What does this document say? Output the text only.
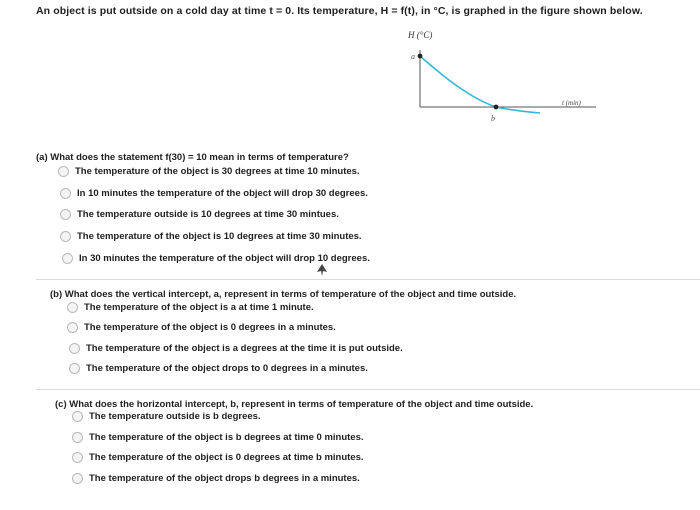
An object is put outside on a cold day at time t = 0. Its temperature, H = f(t), in °C, is graphed in the figure shown below.
H (°C)
a
b
t (min)
(a) What does the statement f(30) = 10 mean in terms of temperature?
The temperature of the object is 30 degrees at time 10 minutes.
In 10 minutes the temperature of the object will drop 30 degrees.
The temperature outside is 10 degrees at time 30 mintues.
The temperature of the object is 10 degrees at time 30 minutes.
In 30 minutes the temperature of the object will drop 10 degrees.
(b) What does the vertical intercept, a, represent in terms of temperature of the object and time outside.
The temperature of the object is a at time 1 minute.
The temperature of the object is 0 degrees in a minutes.
The temperature of the object is a degrees at the time it is put outside.
The temperature of the object drops to 0 degrees in a minutes.
(c) What does the horizontal intercept, b, represent in terms of temperature of the object and time outside.
The temperature outside is b degrees.
The temperature of the object is b degrees at time 0 minutes.
The temperature of the object is 0 degrees at time b minutes.
The temperature of the object drops b degrees in a minutes.
